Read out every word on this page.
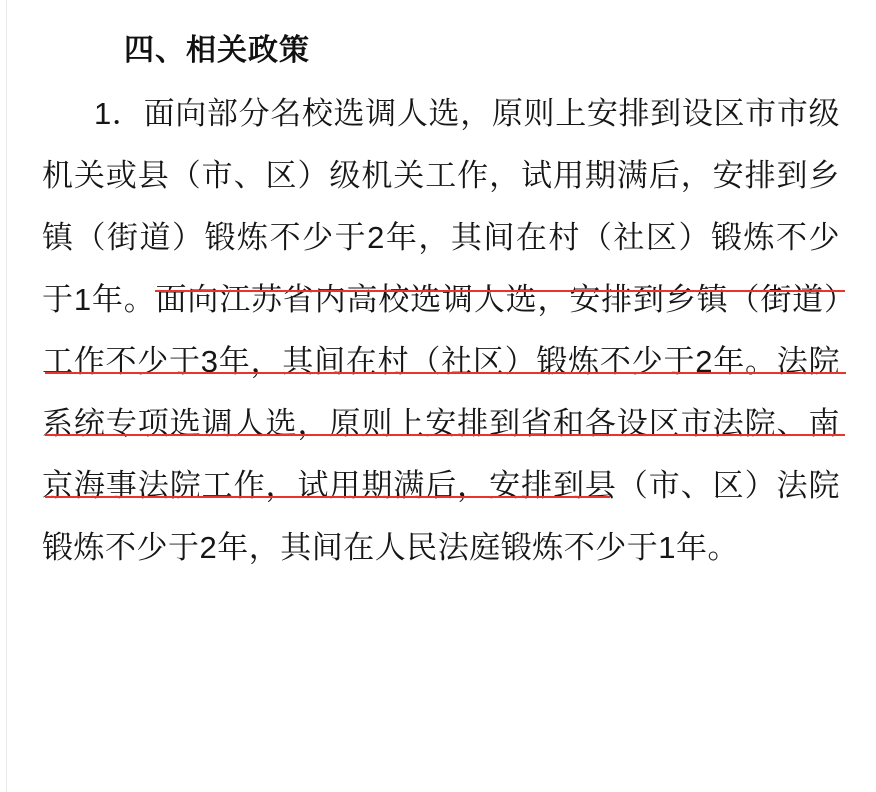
四、相关政策

1．面向部分名校选调人选，原则上安排到设区市市级机关或县（市、区）级机关工作，试用期满后，安排到乡镇（街道）锻炼不少于2年，其间在村（社区）锻炼不少于1年。面向江苏省内高校选调人选，安排到乡镇（街道）工作不少于3年，其间在村（社区）锻炼不少于2年。法院系统专项选调人选，原则上安排到省和各设区市法院、南京海事法院工作，试用期满后，安排到县（市、区）法院锻炼不少于2年，其间在人民法庭锻炼不少于1年。
